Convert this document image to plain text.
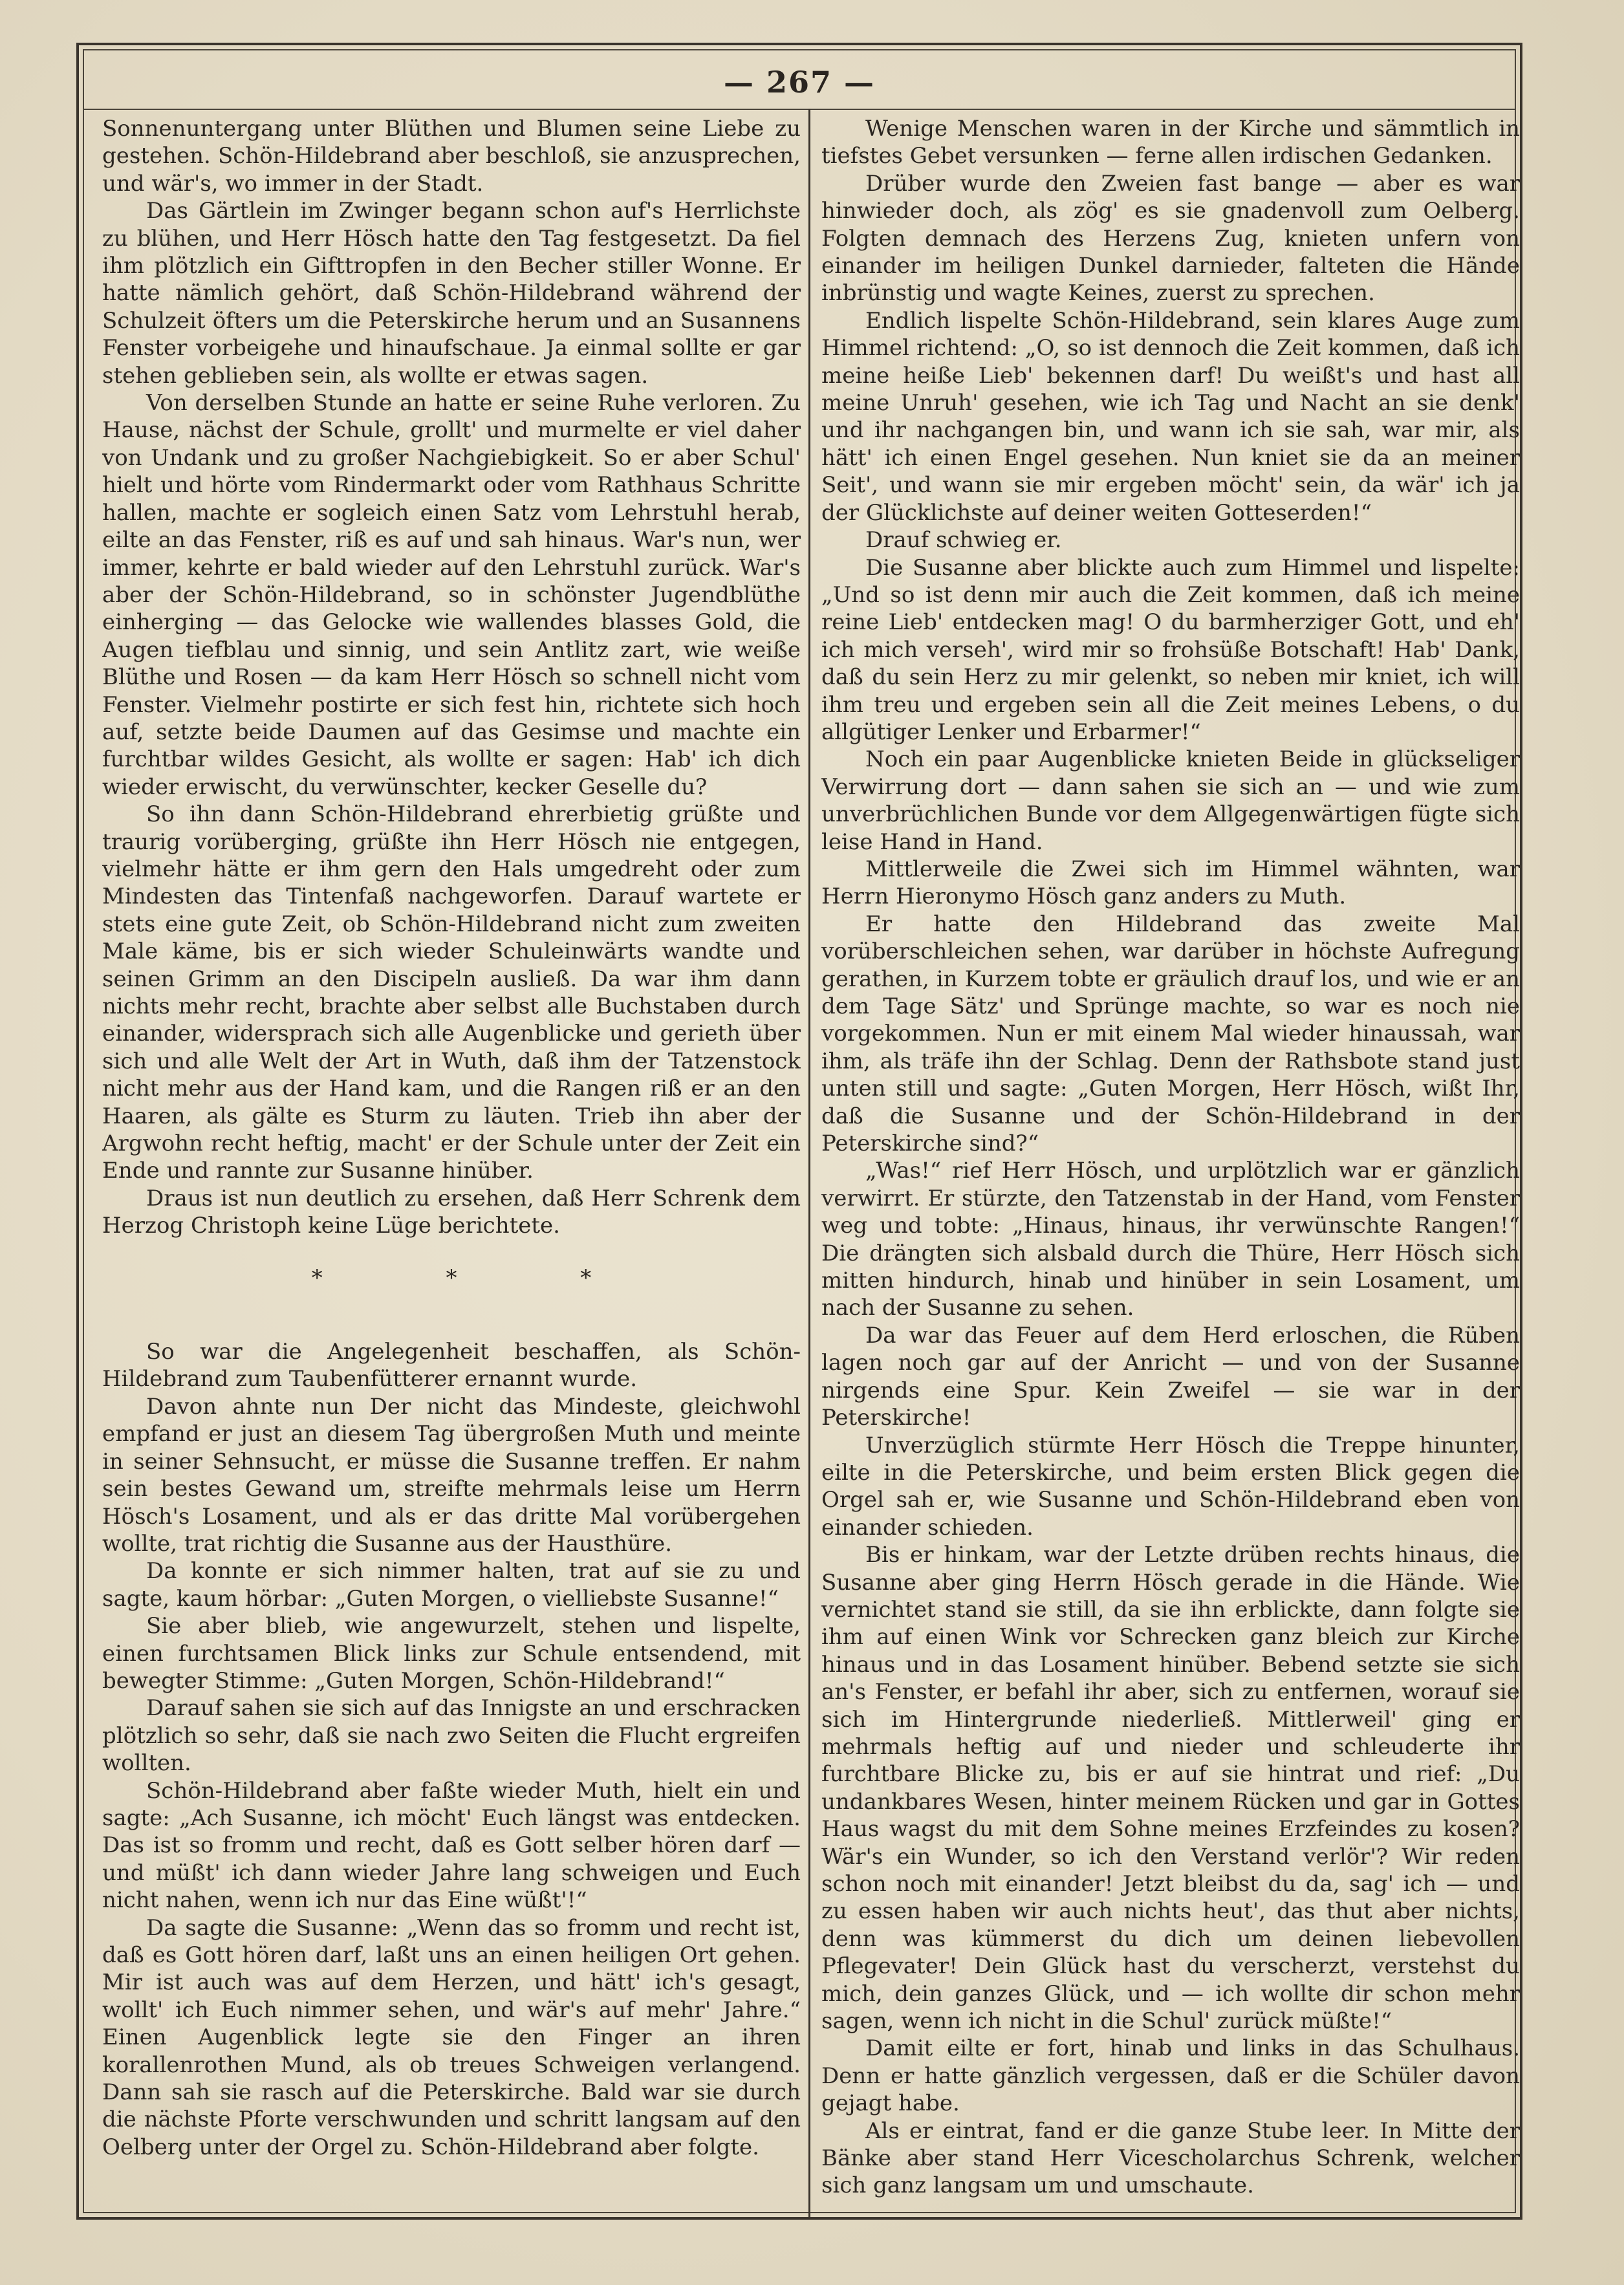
— 267 —

Sonnenuntergang unter Blüthen und Blumen seine Liebe zu gestehen. Schön-Hildebrand aber beschloß, sie anzusprechen, und wär's, wo immer in der Stadt.

Das Gärtlein im Zwinger begann schon auf's Herrlichste zu blühen, und Herr Hösch hatte den Tag festgesetzt. Da fiel ihm plötzlich ein Gifttropfen in den Becher stiller Wonne. Er hatte nämlich gehört, daß Schön-Hildebrand während der Schulzeit öfters um die Peterskirche herum und an Susannens Fenster vorbeigehe und hinaufschaue. Ja einmal sollte er gar stehen geblieben sein, als wollte er etwas sagen.

Von derselben Stunde an hatte er seine Ruhe verloren. Zu Hause, nächst der Schule, grollt' und murmelte er viel daher von Undank und zu großer Nachgiebigkeit. So er aber Schul' hielt und hörte vom Rindermarkt oder vom Rathhaus Schritte hallen, machte er sogleich einen Satz vom Lehrstuhl herab, eilte an das Fenster, riß es auf und sah hinaus. War's nun, wer immer, kehrte er bald wieder auf den Lehrstuhl zurück. War's aber der Schön-Hildebrand, so in schönster Jugendblüthe einherging — das Gelocke wie wallendes blasses Gold, die Augen tiefblau und sinnig, und sein Antlitz zart, wie weiße Blüthe und Rosen — da kam Herr Hösch so schnell nicht vom Fenster. Vielmehr postirte er sich fest hin, richtete sich hoch auf, setzte beide Daumen auf das Gesimse und machte ein furchtbar wildes Gesicht, als wollte er sagen: Hab' ich dich wieder erwischt, du verwünschter, kecker Geselle du?

So ihn dann Schön-Hildebrand ehrerbietig grüßte und traurig vorüberging, grüßte ihn Herr Hösch nie entgegen, vielmehr hätte er ihm gern den Hals umgedreht oder zum Mindesten das Tintenfaß nachgeworfen. Darauf wartete er stets eine gute Zeit, ob Schön-Hildebrand nicht zum zweiten Male käme, bis er sich wieder Schuleinwärts wandte und seinen Grimm an den Discipeln ausließ. Da war ihm dann nichts mehr recht, brachte aber selbst alle Buchstaben durch einander, widersprach sich alle Augenblicke und gerieth über sich und alle Welt der Art in Wuth, daß ihm der Tatzenstock nicht mehr aus der Hand kam, und die Rangen riß er an den Haaren, als gälte es Sturm zu läuten. Trieb ihn aber der Argwohn recht heftig, macht' er der Schule unter der Zeit ein Ende und rannte zur Susanne hinüber.

Draus ist nun deutlich zu ersehen, daß Herr Schrenk dem Herzog Christoph keine Lüge berichtete.

* * *

So war die Angelegenheit beschaffen, als Schön-Hildebrand zum Taubenfütterer ernannt wurde.

Davon ahnte nun Der nicht das Mindeste, gleichwohl empfand er just an diesem Tag übergroßen Muth und meinte in seiner Sehnsucht, er müsse die Susanne treffen. Er nahm sein bestes Gewand um, streifte mehrmals leise um Herrn Hösch's Losament, und als er das dritte Mal vorübergehen wollte, trat richtig die Susanne aus der Hausthüre.

Da konnte er sich nimmer halten, trat auf sie zu und sagte, kaum hörbar: „Guten Morgen, o vielliebste Susanne!“

Sie aber blieb, wie angewurzelt, stehen und lispelte, einen furchtsamen Blick links zur Schule entsendend, mit bewegter Stimme: „Guten Morgen, Schön-Hildebrand!“

Darauf sahen sie sich auf das Innigste an und erschracken plötzlich so sehr, daß sie nach zwo Seiten die Flucht ergreifen wollten.

Schön-Hildebrand aber faßte wieder Muth, hielt ein und sagte: „Ach Susanne, ich möcht' Euch längst was entdecken. Das ist so fromm und recht, daß es Gott selber hören darf — und müßt' ich dann wieder Jahre lang schweigen und Euch nicht nahen, wenn ich nur das Eine wüßt'!“

Da sagte die Susanne: „Wenn das so fromm und recht ist, daß es Gott hören darf, laßt uns an einen heiligen Ort gehen. Mir ist auch was auf dem Herzen, und hätt' ich's gesagt, wollt' ich Euch nimmer sehen, und wär's auf mehr' Jahre.“ Einen Augenblick legte sie den Finger an ihren korallenrothen Mund, als ob treues Schweigen verlangend. Dann sah sie rasch auf die Peterskirche. Bald war sie durch die nächste Pforte verschwunden und schritt langsam auf den Oelberg unter der Orgel zu. Schön-Hildebrand aber folgte.

Wenige Menschen waren in der Kirche und sämmtlich in tiefstes Gebet versunken — ferne allen irdischen Gedanken.

Drüber wurde den Zweien fast bange — aber es war hinwieder doch, als zög' es sie gnadenvoll zum Oelberg. Folgten demnach des Herzens Zug, knieten unfern von einander im heiligen Dunkel darnieder, falteten die Hände inbrünstig und wagte Keines, zuerst zu sprechen.

Endlich lispelte Schön-Hildebrand, sein klares Auge zum Himmel richtend: „O, so ist dennoch die Zeit kommen, daß ich meine heiße Lieb' bekennen darf! Du weißt's und hast all meine Unruh' gesehen, wie ich Tag und Nacht an sie denk' und ihr nachgangen bin, und wann ich sie sah, war mir, als hätt' ich einen Engel gesehen. Nun kniet sie da an meiner Seit', und wann sie mir ergeben möcht' sein, da wär' ich ja der Glücklichste auf deiner weiten Gotteserden!“

Drauf schwieg er.

Die Susanne aber blickte auch zum Himmel und lispelte: „Und so ist denn mir auch die Zeit kommen, daß ich meine reine Lieb' entdecken mag! O du barmherziger Gott, und eh' ich mich verseh', wird mir so frohsüße Botschaft! Hab' Dank, daß du sein Herz zu mir gelenkt, so neben mir kniet, ich will ihm treu und ergeben sein all die Zeit meines Lebens, o du allgütiger Lenker und Erbarmer!“

Noch ein paar Augenblicke knieten Beide in glückseliger Verwirrung dort — dann sahen sie sich an — und wie zum unverbrüchlichen Bunde vor dem Allgegenwärtigen fügte sich leise Hand in Hand.

Mittlerweile die Zwei sich im Himmel wähnten, war Herrn Hieronymo Hösch ganz anders zu Muth.

Er hatte den Hildebrand das zweite Mal vorüberschleichen sehen, war darüber in höchste Aufregung gerathen, in Kurzem tobte er gräulich drauf los, und wie er an dem Tage Sätz' und Sprünge machte, so war es noch nie vorgekommen. Nun er mit einem Mal wieder hinaussah, war ihm, als träfe ihn der Schlag. Denn der Rathsbote stand just unten still und sagte: „Guten Morgen, Herr Hösch, wißt Ihr, daß die Susanne und der Schön-Hildebrand in der Peterskirche sind?“

„Was!“ rief Herr Hösch, und urplötzlich war er gänzlich verwirrt. Er stürzte, den Tatzenstab in der Hand, vom Fenster weg und tobte: „Hinaus, hinaus, ihr verwünschte Rangen!“ Die drängten sich alsbald durch die Thüre, Herr Hösch sich mitten hindurch, hinab und hinüber in sein Losament, um nach der Susanne zu sehen.

Da war das Feuer auf dem Herd erloschen, die Rüben lagen noch gar auf der Anricht — und von der Susanne nirgends eine Spur. Kein Zweifel — sie war in der Peterskirche!

Unverzüglich stürmte Herr Hösch die Treppe hinunter, eilte in die Peterskirche, und beim ersten Blick gegen die Orgel sah er, wie Susanne und Schön-Hildebrand eben von einander schieden.

Bis er hinkam, war der Letzte drüben rechts hinaus, die Susanne aber ging Herrn Hösch gerade in die Hände. Wie vernichtet stand sie still, da sie ihn erblickte, dann folgte sie ihm auf einen Wink vor Schrecken ganz bleich zur Kirche hinaus und in das Losament hinüber. Bebend setzte sie sich an's Fenster, er befahl ihr aber, sich zu entfernen, worauf sie sich im Hintergrunde niederließ. Mittlerweil' ging er mehrmals heftig auf und nieder und schleuderte ihr furchtbare Blicke zu, bis er auf sie hintrat und rief: „Du undankbares Wesen, hinter meinem Rücken und gar in Gottes Haus wagst du mit dem Sohne meines Erzfeindes zu kosen? Wär's ein Wunder, so ich den Verstand verlör'? Wir reden schon noch mit einander! Jetzt bleibst du da, sag' ich — und zu essen haben wir auch nichts heut', das thut aber nichts, denn was kümmerst du dich um deinen liebevollen Pflegevater! Dein Glück hast du verscherzt, verstehst du mich, dein ganzes Glück, und — ich wollte dir schon mehr sagen, wenn ich nicht in die Schul' zurück müßte!“

Damit eilte er fort, hinab und links in das Schulhaus. Denn er hatte gänzlich vergessen, daß er die Schüler davon gejagt habe.

Als er eintrat, fand er die ganze Stube leer. In Mitte der Bänke aber stand Herr Vicescholarchus Schrenk, welcher sich ganz langsam um und umschaute.
